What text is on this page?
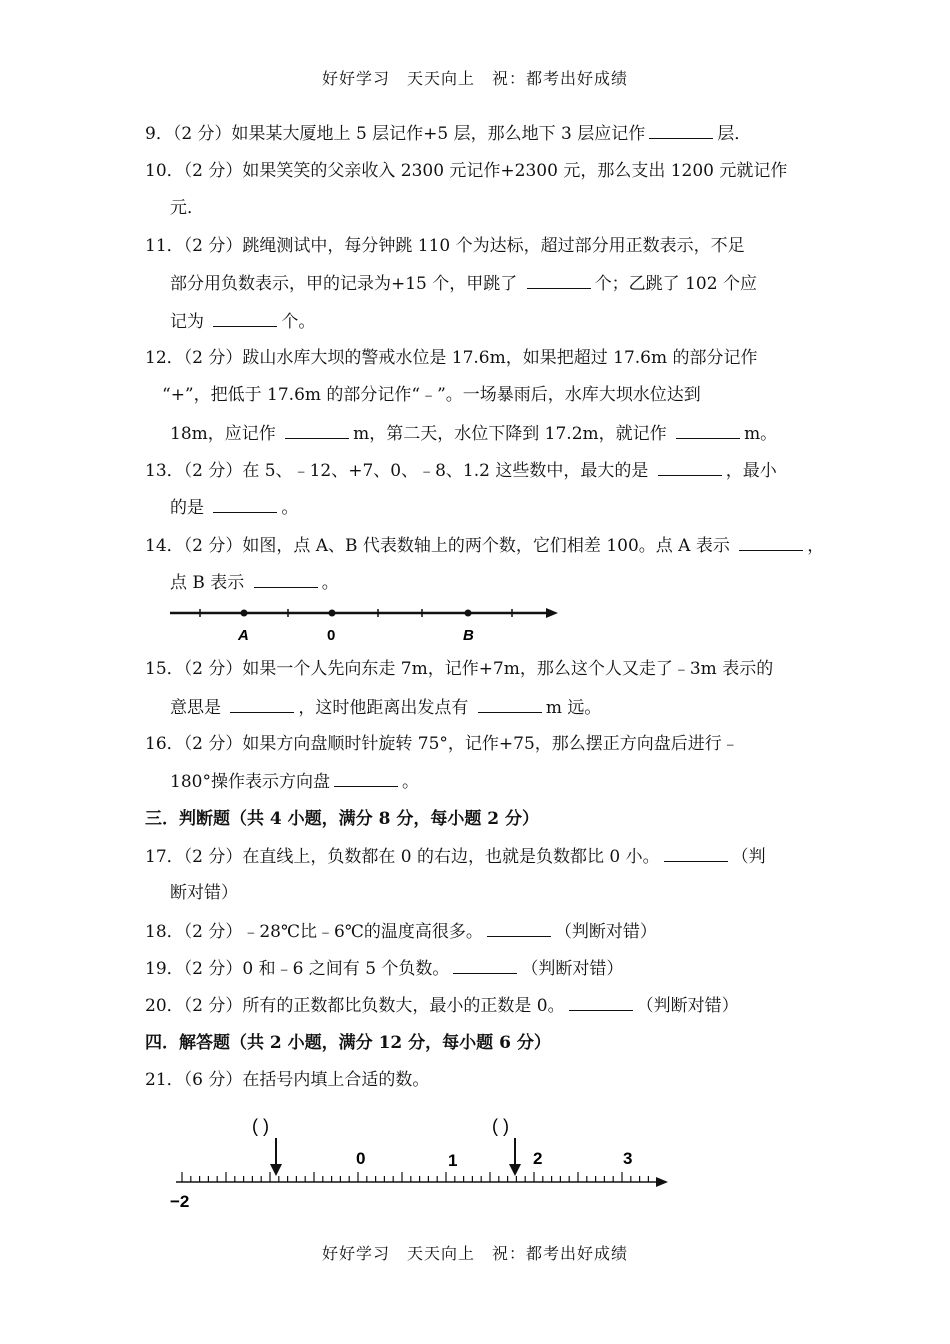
好好学习　天天向上　祝：都考出好成绩
9．（2 分）如果某大厦地上 5 层记作+5 层，那么地下 3 层应记作	层．
10．（2 分）如果笑笑的父亲收入 2300 元记作+2300 元，那么支出 1200 元就记作
元．
11．（2 分）跳绳测试中，每分钟跳 110 个为达标，超过部分用正数表示，不足
部分用负数表示，甲的记录为+15 个，甲跳了	个；乙跳了 102 个应
记为	个。
12．（2 分）跋山水库大坝的警戒水位是 17.6m，如果把超过 17.6m 的部分记作
“+”，把低于 17.6m 的部分记作“﹣”。一场暴雨后，水库大坝水位达到
18m，应记作	m，第二天，水位下降到 17.2m，就记作	m。
13．（2 分）在 5、﹣12、+7、0、﹣8、1.2 这些数中，最大的是	，最小
的是	。
14．（2 分）如图，点 A、B 代表数轴上的两个数，它们相差 100。点 A 表示	，
点 B 表示	。
A	0	B
15．（2 分）如果一个人先向东走 7m，记作+7m，那么这个人又走了﹣3m 表示的
意思是	，这时他距离出发点有	m 远。
16．（2 分）如果方向盘顺时针旋转 75°，记作+75，那么摆正方向盘后进行﹣
180°操作表示方向盘	。
三．判断题（共 4 小题，满分 8 分，每小题 2 分）
17．（2 分）在直线上，负数都在 0 的右边，也就是负数都比 0 小。	（判
断对错）
18．（2 分）﹣28℃比﹣6℃的温度高很多。	（判断对错）
19．（2 分）0 和﹣6 之间有 5 个负数。	（判断对错）
20．（2 分）所有的正数都比负数大，最小的正数是 0。	（判断对错）
四．解答题（共 2 小题，满分 12 分，每小题 6 分）
21．（6 分）在括号内填上合适的数。
( )	( )
0	1	2	3
−2
好好学习　天天向上　祝：都考出好成绩
